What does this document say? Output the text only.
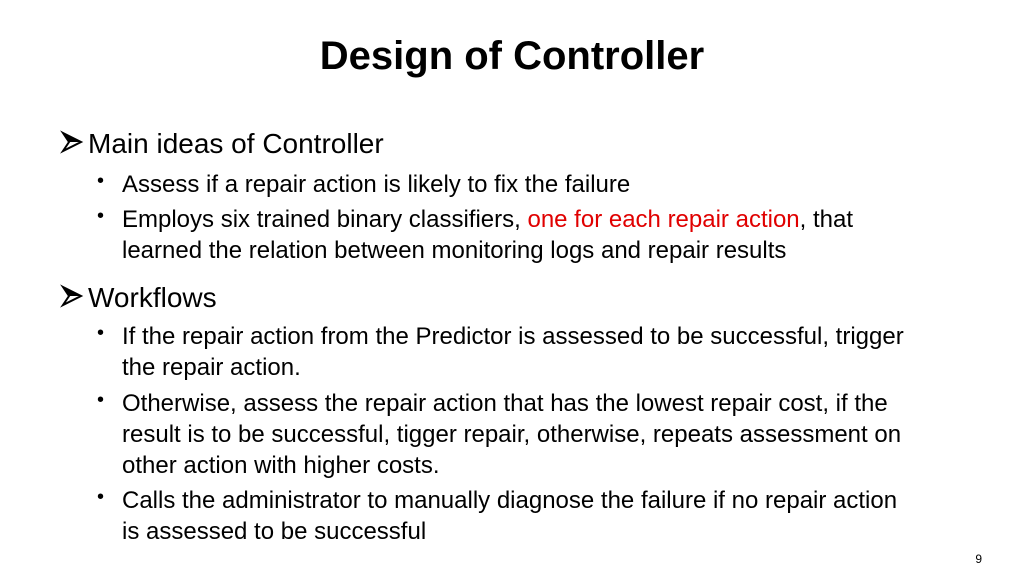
Design of Controller
Main ideas of Controller
• Assess if a repair action is likely to fix the failure
• Employs six trained binary classifiers, one for each repair action, that learned the relation between monitoring logs and repair results
Workflows
• If the repair action from the Predictor is assessed to be successful, trigger the repair action.
• Otherwise, assess the repair action that has the lowest repair cost, if the result is to be successful, tigger repair, otherwise, repeats assessment on other action with higher costs.
• Calls the administrator to manually diagnose the failure if no repair action is assessed to be successful
9
